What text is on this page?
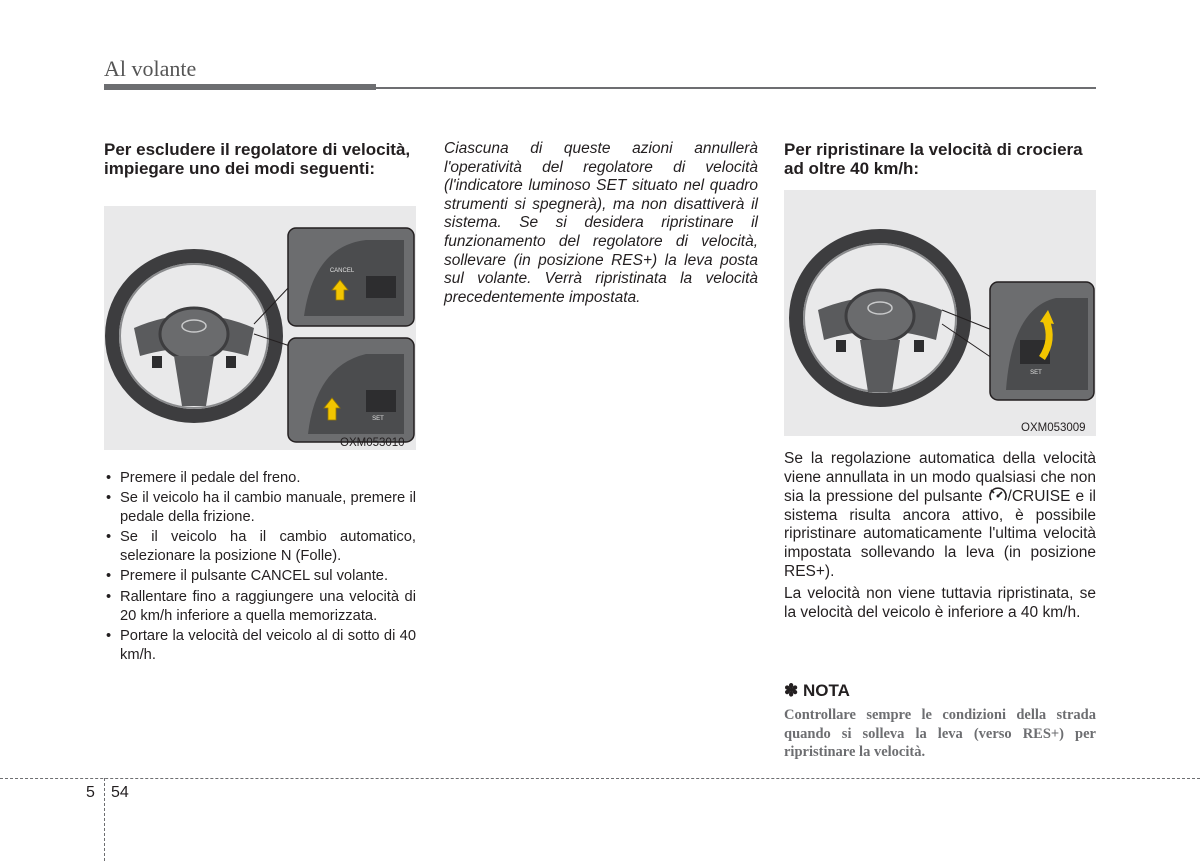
Al volante

Per escludere il regolatore di velocità, impiegare uno dei modi seguenti:

CANCEL
SET
OXM053010
• Premere il pedale del freno.
• Se il veicolo ha il cambio manuale, premere il pedale della frizione.
• Se il veicolo ha il cambio automatico, selezionare la posizione N (Folle).
• Premere il pulsante CANCEL sul volante.
• Rallentare fino a raggiungere una velocità di 20 km/h inferiore a quella memorizzata.
• Portare la velocità del veicolo al di sotto di 40 km/h.

Ciascuna di queste azioni annullerà l'operatività del regolatore di velocità (l'indicatore luminoso SET situato nel quadro strumenti si spegnerà), ma non disattiverà il sistema. Se si desidera ripristinare il funzionamento del regolatore di velocità, sollevare (in posizione RES+) la leva posta sul volante. Verrà ripristinata la velocità precedentemente impostata.

Per ripristinare la velocità di crociera ad oltre 40 km/h:

SET
OXM053009

Se la regolazione automatica della velocità viene annullata in un modo qualsiasi che non sia la pressione del pulsante /CRUISE e il sistema risulta ancora attivo, è possibile ripristinare automaticamente l'ultima velocità impostata sollevando la leva (in posizione RES+).

La velocità non viene tuttavia ripristinata, se la velocità del veicolo è inferiore a 40 km/h.

✽ NOTA
Controllare sempre le condizioni della strada quando si solleva la leva (verso RES+) per ripristinare la velocità.
5 54
